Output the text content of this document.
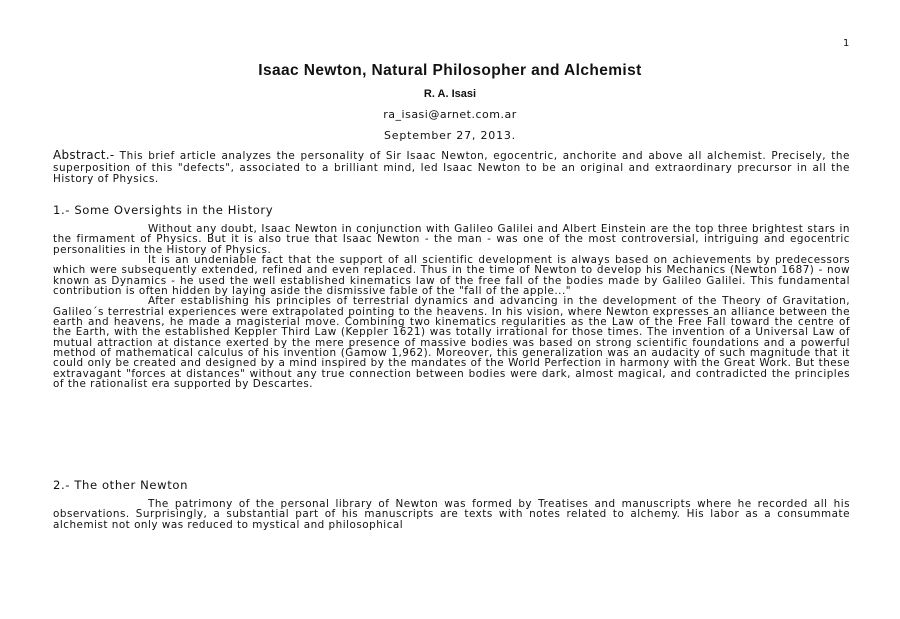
1
Isaac Newton, Natural Philosopher and Alchemist
R. A. Isasi
ra_isasi@arnet.com.ar
September 27, 2013.
Abstract.- This brief article analyzes the personality of Sir Isaac Newton, egocentric, anchorite and above all alchemist. Precisely, the superposition of this "defects", associated to a brilliant mind, led Isaac Newton to be an original and extraordinary precursor in all the History of Physics.
1.- Some Oversights in the History

Without any doubt, Isaac Newton in conjunction with Galileo Galilei and Albert Einstein are the top three brightest stars in the firmament of Physics. But it is also true that Isaac Newton - the man - was one of the most controversial, intriguing and egocentric personalities in the History of Physics.

It is an undeniable fact that the support of all scientific development is always based on achievements by predecessors which were subsequently extended, refined and even replaced. Thus in the time of Newton to develop his Mechanics (Newton 1687) - now known as Dynamics - he used the well established kinematics law of the free fall of the bodies made by Galileo Galilei. This fundamental contribution is often hidden by laying aside the dismissive fable of the "fall of the apple..."

After establishing his principles of terrestrial dynamics and advancing in the development of the Theory of Gravitation, Galileo´s terrestrial experiences were extrapolated pointing to the heavens. In his vision, where Newton expresses an alliance between the earth and heavens, he made a magisterial move. Combining two kinematics regularities as the Law of the Free Fall toward the centre of the Earth, with the established Keppler Third Law (Keppler 1621) was totally irrational for those times. The invention of a Universal Law of mutual attraction at distance exerted by the mere presence of massive bodies was based on strong scientific foundations and a powerful method of mathematical calculus of his invention (Gamow 1,962). Moreover, this generalization was an audacity of such magnitude that it could only be created and designed by a mind inspired by the mandates of the World Perfection in harmony with the Great Work. But these extravagant "forces at distances" without any true connection between bodies were dark, almost magical, and contradicted the principles of the rationalist era supported by Descartes.

2.- The other Newton

The patrimony of the personal library of Newton was formed by Treatises and manuscripts where he recorded all his observations. Surprisingly, a substantial part of his manuscripts are texts with notes related to alchemy. His labor as a consummate alchemist not only was reduced to mystical and philosophical
